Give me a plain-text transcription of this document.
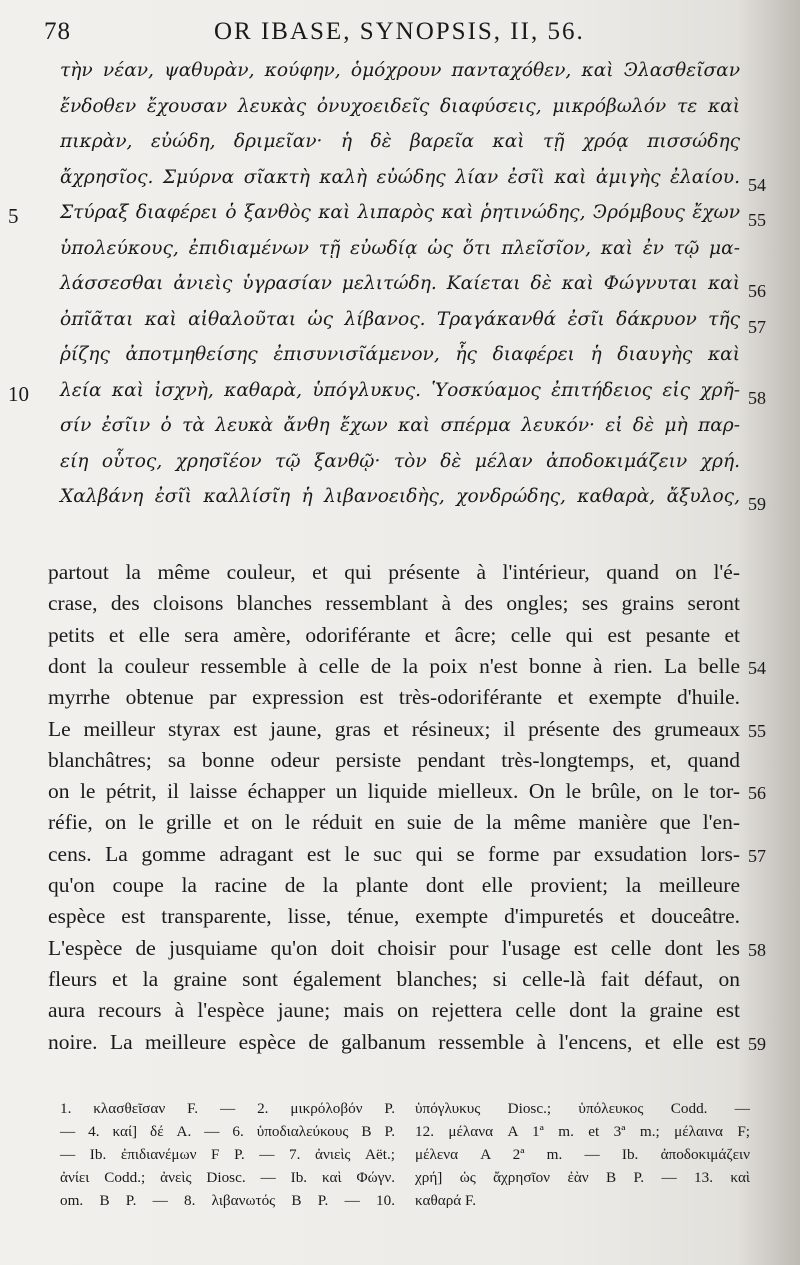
78	OR IBASE, SYNOPSIS, II, 56.
τὴν νέαν, ψαθυρὰν, κούφην, ὁμόχρουν πανταχόθεν, καὶ Ͽλασθεῖσαν
ἔνδοθεν ἔχουσαν λευκὰς ὀνυχοειδεῖς διαφύσεις, μικρόβωλόν τε καὶ
πικρὰν, εὐώδη, δριμεῖαν· ἡ δὲ βαρεῖα καὶ τῇ χρόᾳ πισσώδης
ἄχρησῖος. Σμύρνα σῖακτὴ καλὴ εὐώδης λίαν ἐσῖὶ καὶ ἀμιγὴς ἐλαίου.
Στύραξ διαφέρει ὁ ξανθὸς καὶ λιπαρὸς καὶ ῥητινώδης, Ͽρόμβους ἔχων
ὑπολεύκους, ἐπιδιαμένων τῇ εὐωδίᾳ ὡς ὅτι πλεῖσῖον, καὶ ἐν τῷ μα-
λάσσεσθαι ἀνιεὶς ὑγρασίαν μελιτώδη. Καίεται δὲ καὶ Φώγνυται καὶ
ὀπῖᾶται καὶ αἰθαλοῦται ὡς λίβανος. Τραγάκανθά ἐσῖι δάκρυον τῆς
ῥίζης ἀποτμηθείσης ἐπισυνισῖάμενον, ἧς διαφέρει ἡ διαυγὴς καὶ
λεία καὶ ἰσχνὴ, καθαρὰ, ὑπόγλυκυς. Ὑοσκύαμος ἐπιτήδειος εἰς χρῆ-
σίν ἐσῖιν ὁ τὰ λευκὰ ἄνθη ἔχων καὶ σπέρμα λευκόν· εἰ δὲ μὴ παρ-
είη οὗτος, χρησῖέον τῷ ξανθῷ· τὸν δὲ μέλαν ἀποδοκιμάζειν χρή.
Χαλβάνη ἐσῖὶ καλλίσῖη ἡ λιβανοειδὴς, χονδρώδης, καθαρὰ, ἄξυλος,
5
10
54
55
56
57
58
59
partout la même couleur, et qui présente à l'intérieur, quand on l'é-
crase, des cloisons blanches ressemblant à des ongles; ses grains seront
petits et elle sera amère, odoriférante et âcre; celle qui est pesante et
dont la couleur ressemble à celle de la poix n'est bonne à rien. La belle
myrrhe obtenue par expression est très-odoriférante et exempte d'huile.
Le meilleur styrax est jaune, gras et résineux; il présente des grumeaux
blanchâtres; sa bonne odeur persiste pendant très-longtemps, et, quand
on le pétrit, il laisse échapper un liquide mielleux. On le brûle, on le tor-
réfie, on le grille et on le réduit en suie de la même manière que l'en-
cens. La gomme adragant est le suc qui se forme par exsudation lors-
qu'on coupe la racine de la plante dont elle provient; la meilleure
espèce est transparente, lisse, ténue, exempte d'impuretés et douceâtre.
L'espèce de jusquiame qu'on doit choisir pour l'usage est celle dont les
fleurs et la graine sont également blanches; si celle-là fait défaut, on
aura recours à l'espèce jaune; mais on rejettera celle dont la graine est
noire. La meilleure espèce de galbanum ressemble à l'encens, et elle est
54
55
56
57
58
59
1. κλασθεῖσαν F. — 2. μικρόλοβόν P.
— 4. καί] δέ A. — 6. ὑποδιαλεύκους B P.
— Ib. ἐπιδιανέμων F P. — 7. ἀνιεὶς Aët.;
ἀνίει Codd.; ἀνεὶς Diosc. — Ib. καὶ Φώγν.
om. B P. — 8. λιβανωτός B P. — 10.
ὑπόγλυκυς Diosc.; ὑπόλευκος Codd. —
12. μέλανα A 1ª m. et 3ª m.; μέλαινα F;
μέλενα A 2ª m. — Ib. ἀποδοκιμάζειν
χρή] ὡς ἄχρησῖον ἐὰν B P. — 13. καὶ
καθαρά F.
